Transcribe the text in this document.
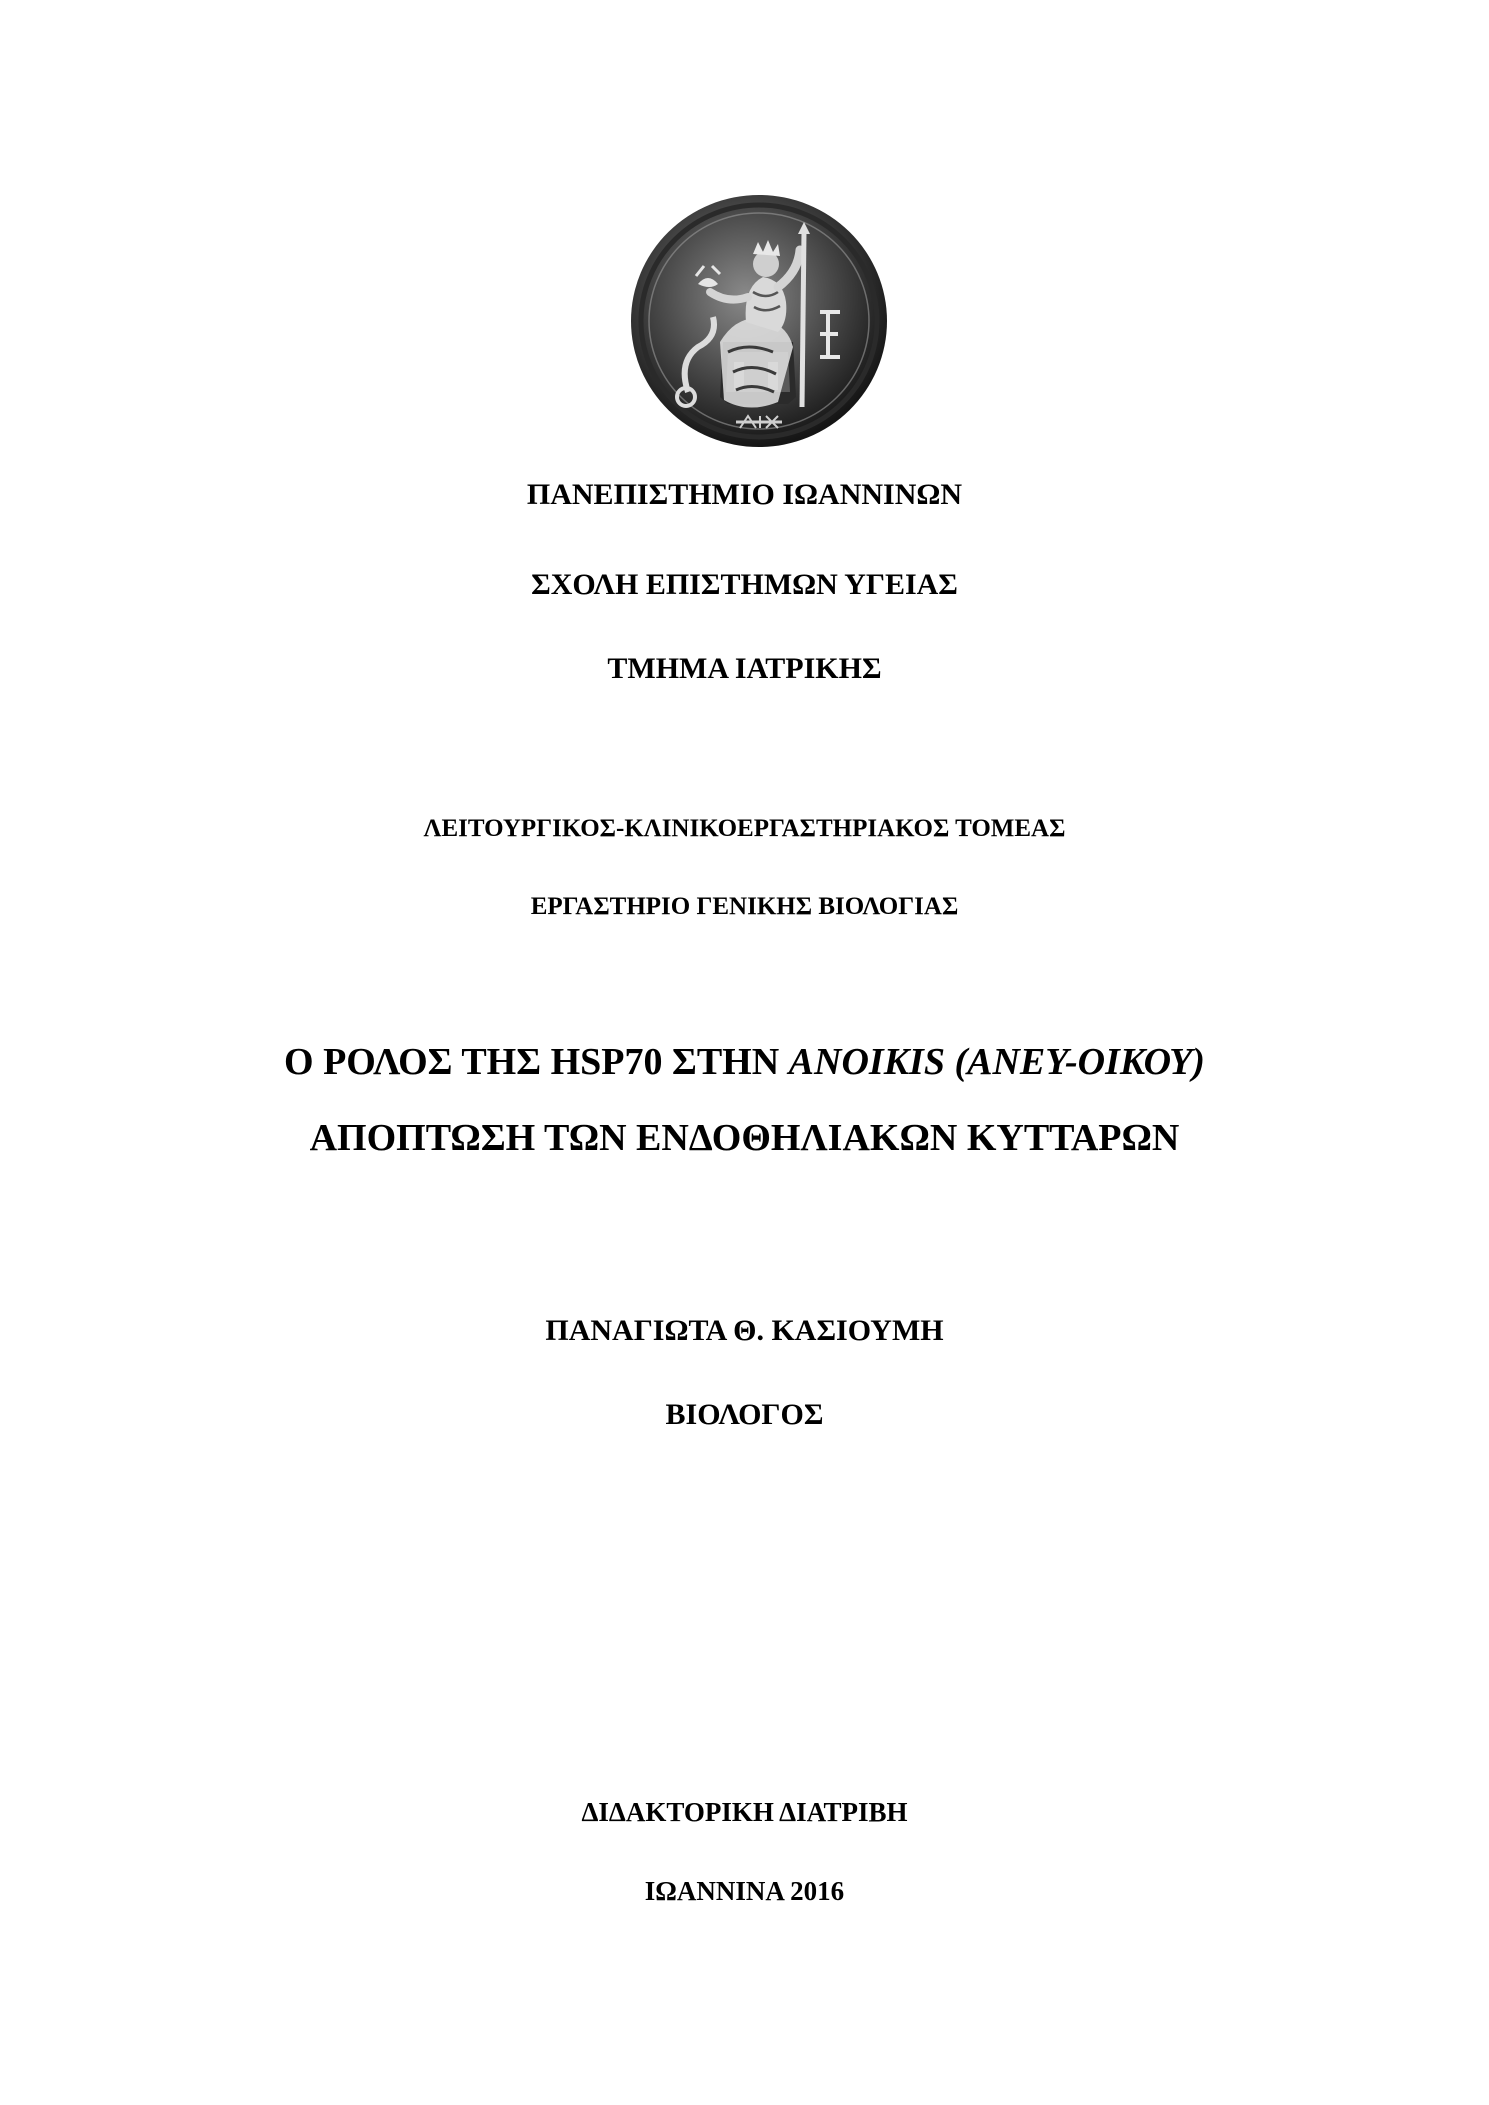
ΠΑΝΕΠΙΣΤΗΜΙΟ ΙΩΑΝΝΙΝΩΝ
ΣΧΟΛΗ ΕΠΙΣΤΗΜΩΝ ΥΓΕΙΑΣ
ΤΜΗΜΑ ΙΑΤΡΙΚΗΣ
ΛΕΙΤΟΥΡΓΙΚΟΣ-ΚΛΙΝΙΚΟΕΡΓΑΣΤΗΡΙΑΚΟΣ ΤΟΜΕΑΣ
ΕΡΓΑΣΤΗΡΙΟ ΓΕΝΙΚΗΣ ΒΙΟΛΟΓΙΑΣ
Ο ΡΟΛΟΣ ΤΗΣ HSP70 ΣΤΗΝ ANOIKIS (ΑΝΕΥ-ΟΙΚΟΥ)
ΑΠΟΠΤΩΣΗ ΤΩΝ ΕΝΔΟΘΗΛΙΑΚΩΝ ΚΥΤΤΑΡΩΝ
ΠΑΝΑΓΙΩΤΑ Θ. ΚΑΣΙΟΥΜΗ
ΒΙΟΛΟΓΟΣ
ΔΙΔΑΚΤΟΡΙΚΗ ΔΙΑΤΡΙΒΗ
ΙΩΑΝΝΙΝΑ 2016
